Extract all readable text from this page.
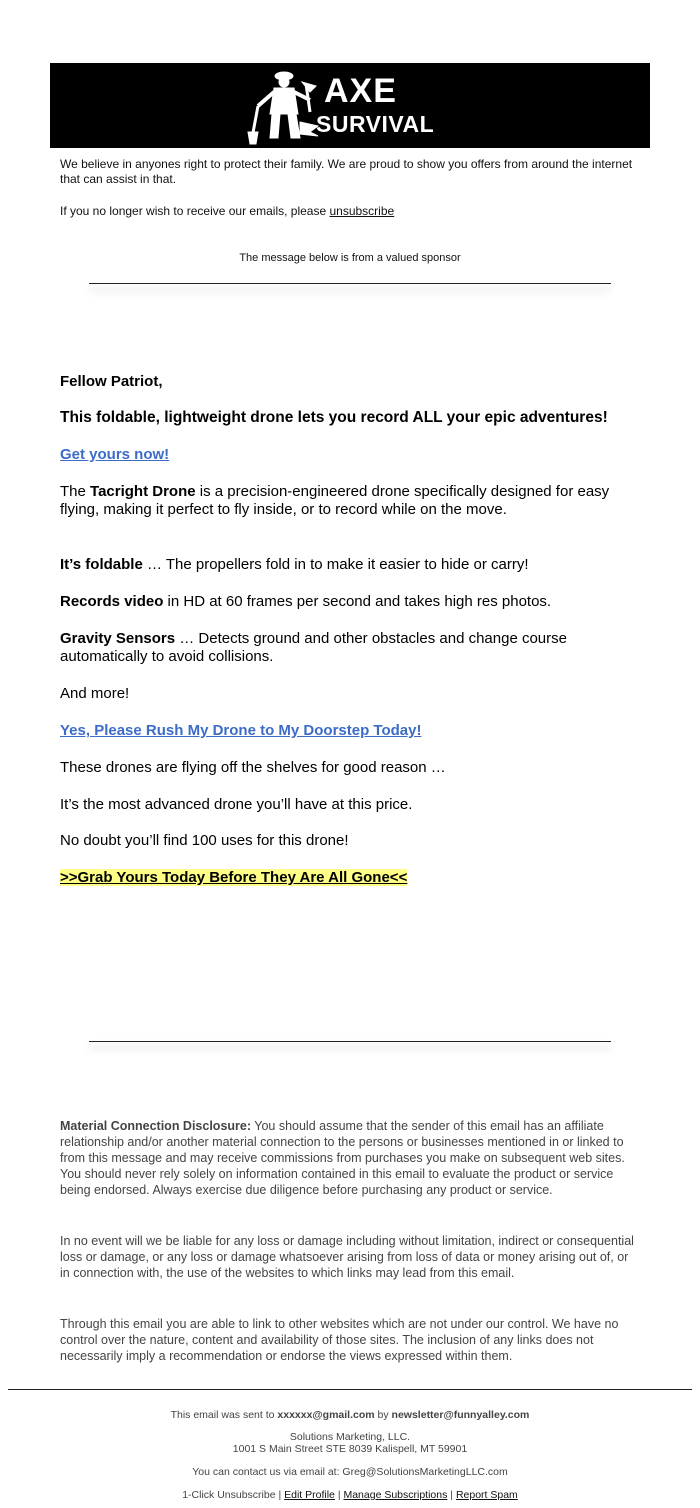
AXE
SURVIVAL
We believe in anyones right to protect their family. We are proud to show you offers from around the internet that can assist in that.
If you no longer wish to receive our emails, please unsubscribe
The message below is from a valued sponsor
Fellow Patriot,
This foldable, lightweight drone lets you record ALL your epic adventures!
Get yours now!
The Tacright Drone is a precision-engineered drone specifically designed for easy flying, making it perfect to fly inside, or to record while on the move.
It’s foldable … The propellers fold in to make it easier to hide or carry!
Records video in HD at 60 frames per second and takes high res photos.
Gravity Sensors … Detects ground and other obstacles and change course automatically to avoid collisions.
And more!
Yes, Please Rush My Drone to My Doorstep Today!
These drones are flying off the shelves for good reason …
It’s the most advanced drone you’ll have at this price.
No doubt you’ll find 100 uses for this drone!
>>Grab Yours Today Before They Are All Gone<<
Material Connection Disclosure: You should assume that the sender of this email has an affiliate relationship and/or another material connection to the persons or businesses mentioned in or linked to from this message and may receive commissions from purchases you make on subsequent web sites. You should never rely solely on information contained in this email to evaluate the product or service being endorsed. Always exercise due diligence before purchasing any product or service.
In no event will we be liable for any loss or damage including without limitation, indirect or consequential loss or damage, or any loss or damage whatsoever arising from loss of data or money arising out of, or in connection with, the use of the websites to which links may lead from this email.
Through this email you are able to link to other websites which are not under our control. We have no control over the nature, content and availability of those sites. The inclusion of any links does not necessarily imply a recommendation or endorse the views expressed within them.
This email was sent to xxxxxx@gmail.com by newsletter@funnyalley.com
Solutions Marketing, LLC.
1001 S Main Street STE 8039 Kalispell, MT 59901
You can contact us via email at: Greg@SolutionsMarketingLLC.com
1-Click Unsubscribe | Edit Profile | Manage Subscriptions | Report Spam
